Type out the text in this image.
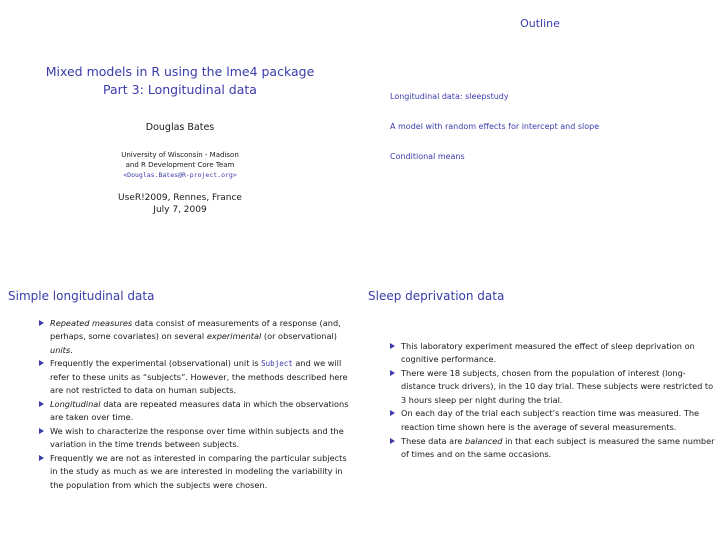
Mixed models in R using the lme4 package
Part 3: Longitudinal data
Douglas Bates
University of Wisconsin - Madison
and R Development Core Team
<Douglas.Bates@R-project.org>
UseR!2009, Rennes, France
July 7, 2009
Outline
Longitudinal data: sleepstudy
A model with random effects for intercept and slope
Conditional means
Simple longitudinal data
Repeated measures data consist of measurements of a response (and, perhaps, some covariates) on several experimental (or observational) units.
Frequently the experimental (observational) unit is Subject and we will refer to these units as “subjects”. However, the methods described here are not restricted to data on human subjects.
Longitudinal data are repeated measures data in which the observations are taken over time.
We wish to characterize the response over time within subjects and the variation in the time trends between subjects.
Frequently we are not as interested in comparing the particular subjects in the study as much as we are interested in modeling the variability in the population from which the subjects were chosen.
Sleep deprivation data
This laboratory experiment measured the effect of sleep deprivation on cognitive performance.
There were 18 subjects, chosen from the population of interest (long-distance truck drivers), in the 10 day trial. These subjects were restricted to 3 hours sleep per night during the trial.
On each day of the trial each subject’s reaction time was measured. The reaction time shown here is the average of several measurements.
These data are balanced in that each subject is measured the same number of times and on the same occasions.
